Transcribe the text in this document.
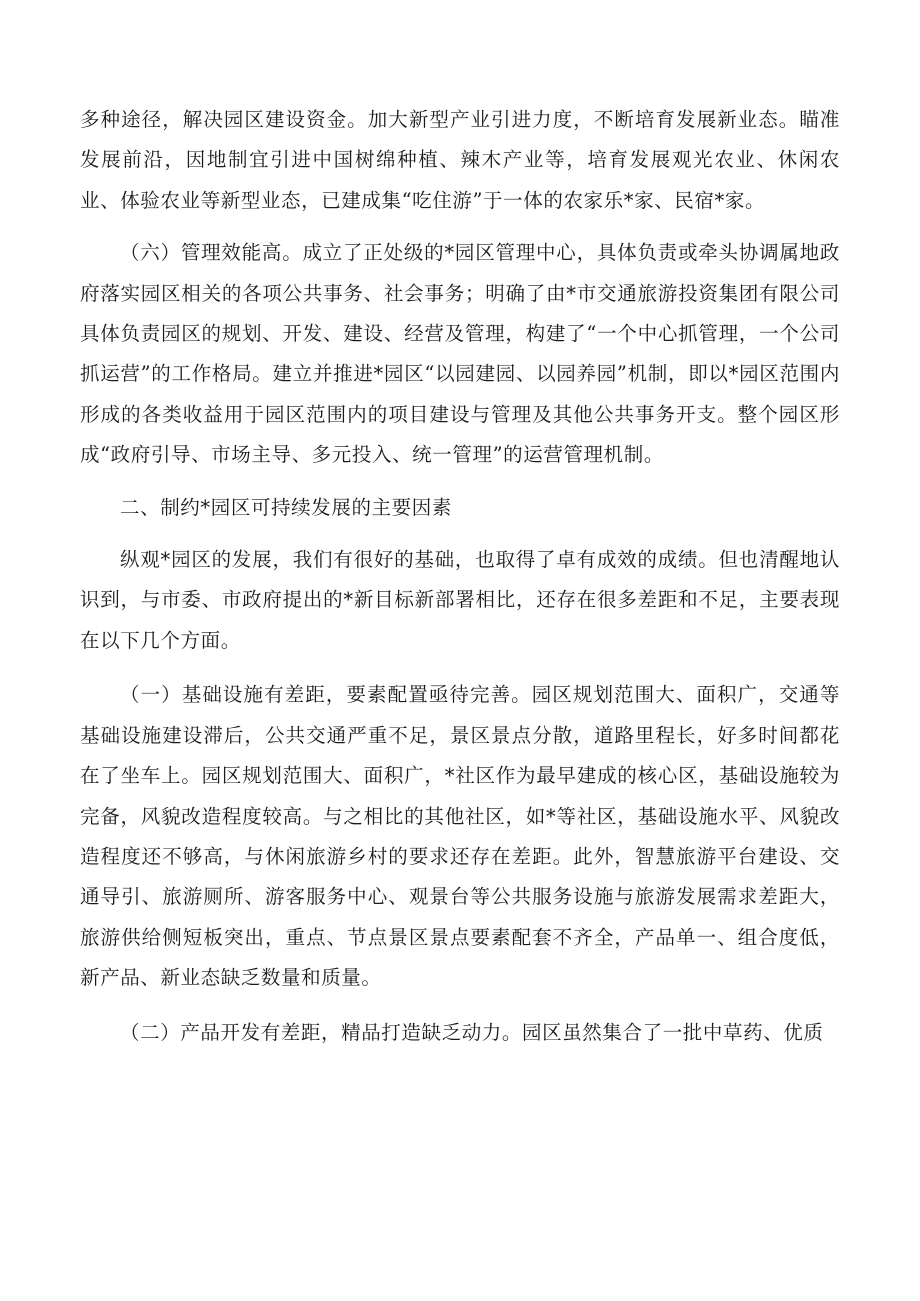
多种途径，解决园区建设资金。加大新型产业引进力度，不断培育发展新业态。瞄准发展前沿，因地制宜引进中国树绵种植、辣木产业等，培育发展观光农业、休闲农业、体验农业等新型业态，已建成集“吃住游”于一体的农家乐*家、民宿*家。

（六）管理效能高。成立了正处级的*园区管理中心，具体负责或牵头协调属地政府落实园区相关的各项公共事务、社会事务；明确了由*市交通旅游投资集团有限公司具体负责园区的规划、开发、建设、经营及管理，构建了“一个中心抓管理，一个公司抓运营”的工作格局。建立并推进*园区“以园建园、以园养园”机制，即以*园区范围内形成的各类收益用于园区范围内的项目建设与管理及其他公共事务开支。整个园区形成“政府引导、市场主导、多元投入、统一管理”的运营管理机制。

二、制约*园区可持续发展的主要因素

纵观*园区的发展，我们有很好的基础，也取得了卓有成效的成绩。但也清醒地认识到，与市委、市政府提出的*新目标新部署相比，还存在很多差距和不足，主要表现在以下几个方面。

（一）基础设施有差距，要素配置亟待完善。园区规划范围大、面积广，交通等基础设施建设滞后，公共交通严重不足，景区景点分散，道路里程长，好多时间都花在了坐车上。园区规划范围大、面积广，*社区作为最早建成的核心区，基础设施较为完备，风貌改造程度较高。与之相比的其他社区，如*等社区，基础设施水平、风貌改造程度还不够高，与休闲旅游乡村的要求还存在差距。此外，智慧旅游平台建设、交通导引、旅游厕所、游客服务中心、观景台等公共服务设施与旅游发展需求差距大，旅游供给侧短板突出，重点、节点景区景点要素配套不齐全，产品单一、组合度低，新产品、新业态缺乏数量和质量。

（二）产品开发有差距，精品打造缺乏动力。园区虽然集合了一批中草药、优质
